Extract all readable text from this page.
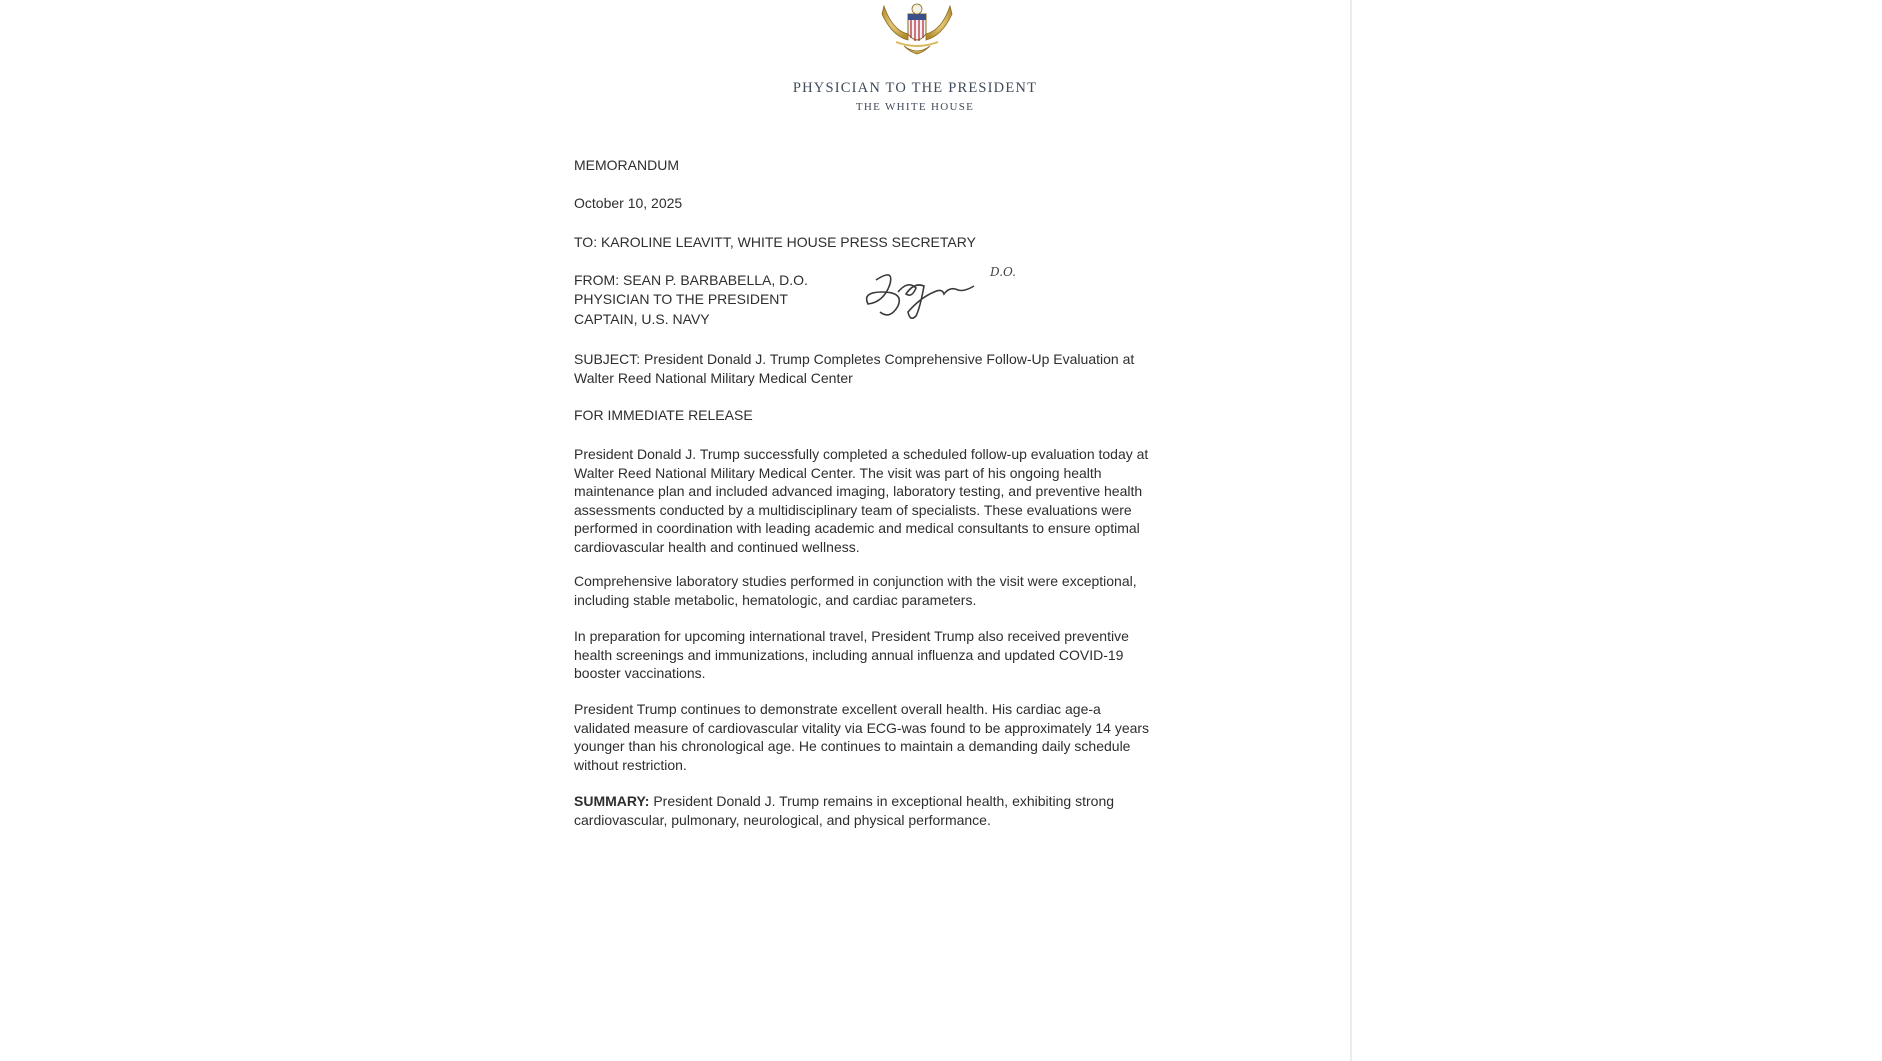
PHYSICIAN TO THE PRESIDENT
THE WHITE HOUSE
MEMORANDUM
October 10, 2025
TO: KAROLINE LEAVITT, WHITE HOUSE PRESS SECRETARY
FROM: SEAN P. BARBABELLA, D.O.
PHYSICIAN TO THE PRESIDENT
CAPTAIN, U.S. NAVY
SUBJECT: President Donald J. Trump Completes Comprehensive Follow-Up Evaluation at
Walter Reed National Military Medical Center
FOR IMMEDIATE RELEASE
President Donald J. Trump successfully completed a scheduled follow-up evaluation today at
Walter Reed National Military Medical Center. The visit was part of his ongoing health
maintenance plan and included advanced imaging, laboratory testing, and preventive health
assessments conducted by a multidisciplinary team of specialists. These evaluations were
performed in coordination with leading academic and medical consultants to ensure optimal
cardiovascular health and continued wellness.
Comprehensive laboratory studies performed in conjunction with the visit were exceptional,
including stable metabolic, hematologic, and cardiac parameters.
In preparation for upcoming international travel, President Trump also received preventive
health screenings and immunizations, including annual influenza and updated COVID-19
booster vaccinations.
President Trump continues to demonstrate excellent overall health. His cardiac age-a
validated measure of cardiovascular vitality via ECG-was found to be approximately 14 years
younger than his chronological age. He continues to maintain a demanding daily schedule
without restriction.
SUMMARY: President Donald J. Trump remains in exceptional health, exhibiting strong
cardiovascular, pulmonary, neurological, and physical performance.
D.O.
